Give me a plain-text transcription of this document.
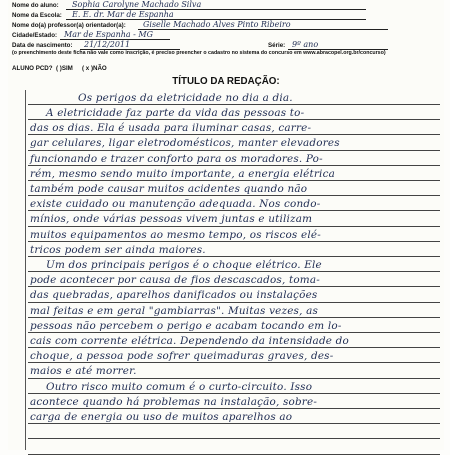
Nome do aluno: Sophia Carolyne Machado Silva
Nome da Escola: E. E. dr. Mar de Espanha
Nome do(a) professor(a) orientador(a): Giselle Machado Alves Pinto Ribeiro
Cidade/Estado: Mar de Espanha - MG
Data de nascimento: 21/12/2011	Série: 9º ano
(o preenchimento deste ficha não vale como inscrição, é preciso preencher o cadastro no sistema do concurso em www.abracopel.org.br/concurso)
ALUNO PCD? ( )SIM ( x )NÃO
TÍTULO DA REDAÇÃO:
Os perigos da eletricidade no dia a dia.
A eletricidade faz parte da vida das pessoas to-
das os dias. Ela é usada para iluminar casas, carre-
gar celulares, ligar eletrodomésticos, manter elevadores
funcionando e trazer conforto para os moradores. Po-
rém, mesmo sendo muito importante, a energia elétrica
também pode causar muitos acidentes quando não
existe cuidado ou manutenção adequada. Nos condo-
mínios, onde várias pessoas vivem juntas e utilizam
muitos equipamentos ao mesmo tempo, os riscos elé-
tricos podem ser ainda maiores.
Um dos principais perigos é o choque elétrico. Ele
pode acontecer por causa de fios descascados, toma-
das quebradas, aparelhos danificados ou instalações
mal feitas e em geral "gambiarras". Muitas vezes, as
pessoas não percebem o perigo e acabam tocando em lo-
cais com corrente elétrica. Dependendo da intensidade do
choque, a pessoa pode sofrer queimaduras graves, des-
maios e até morrer.
Outro risco muito comum é o curto-circuito. Isso
acontece quando há problemas na instalação, sobre-
carga de energia ou uso de muitos aparelhos ao
